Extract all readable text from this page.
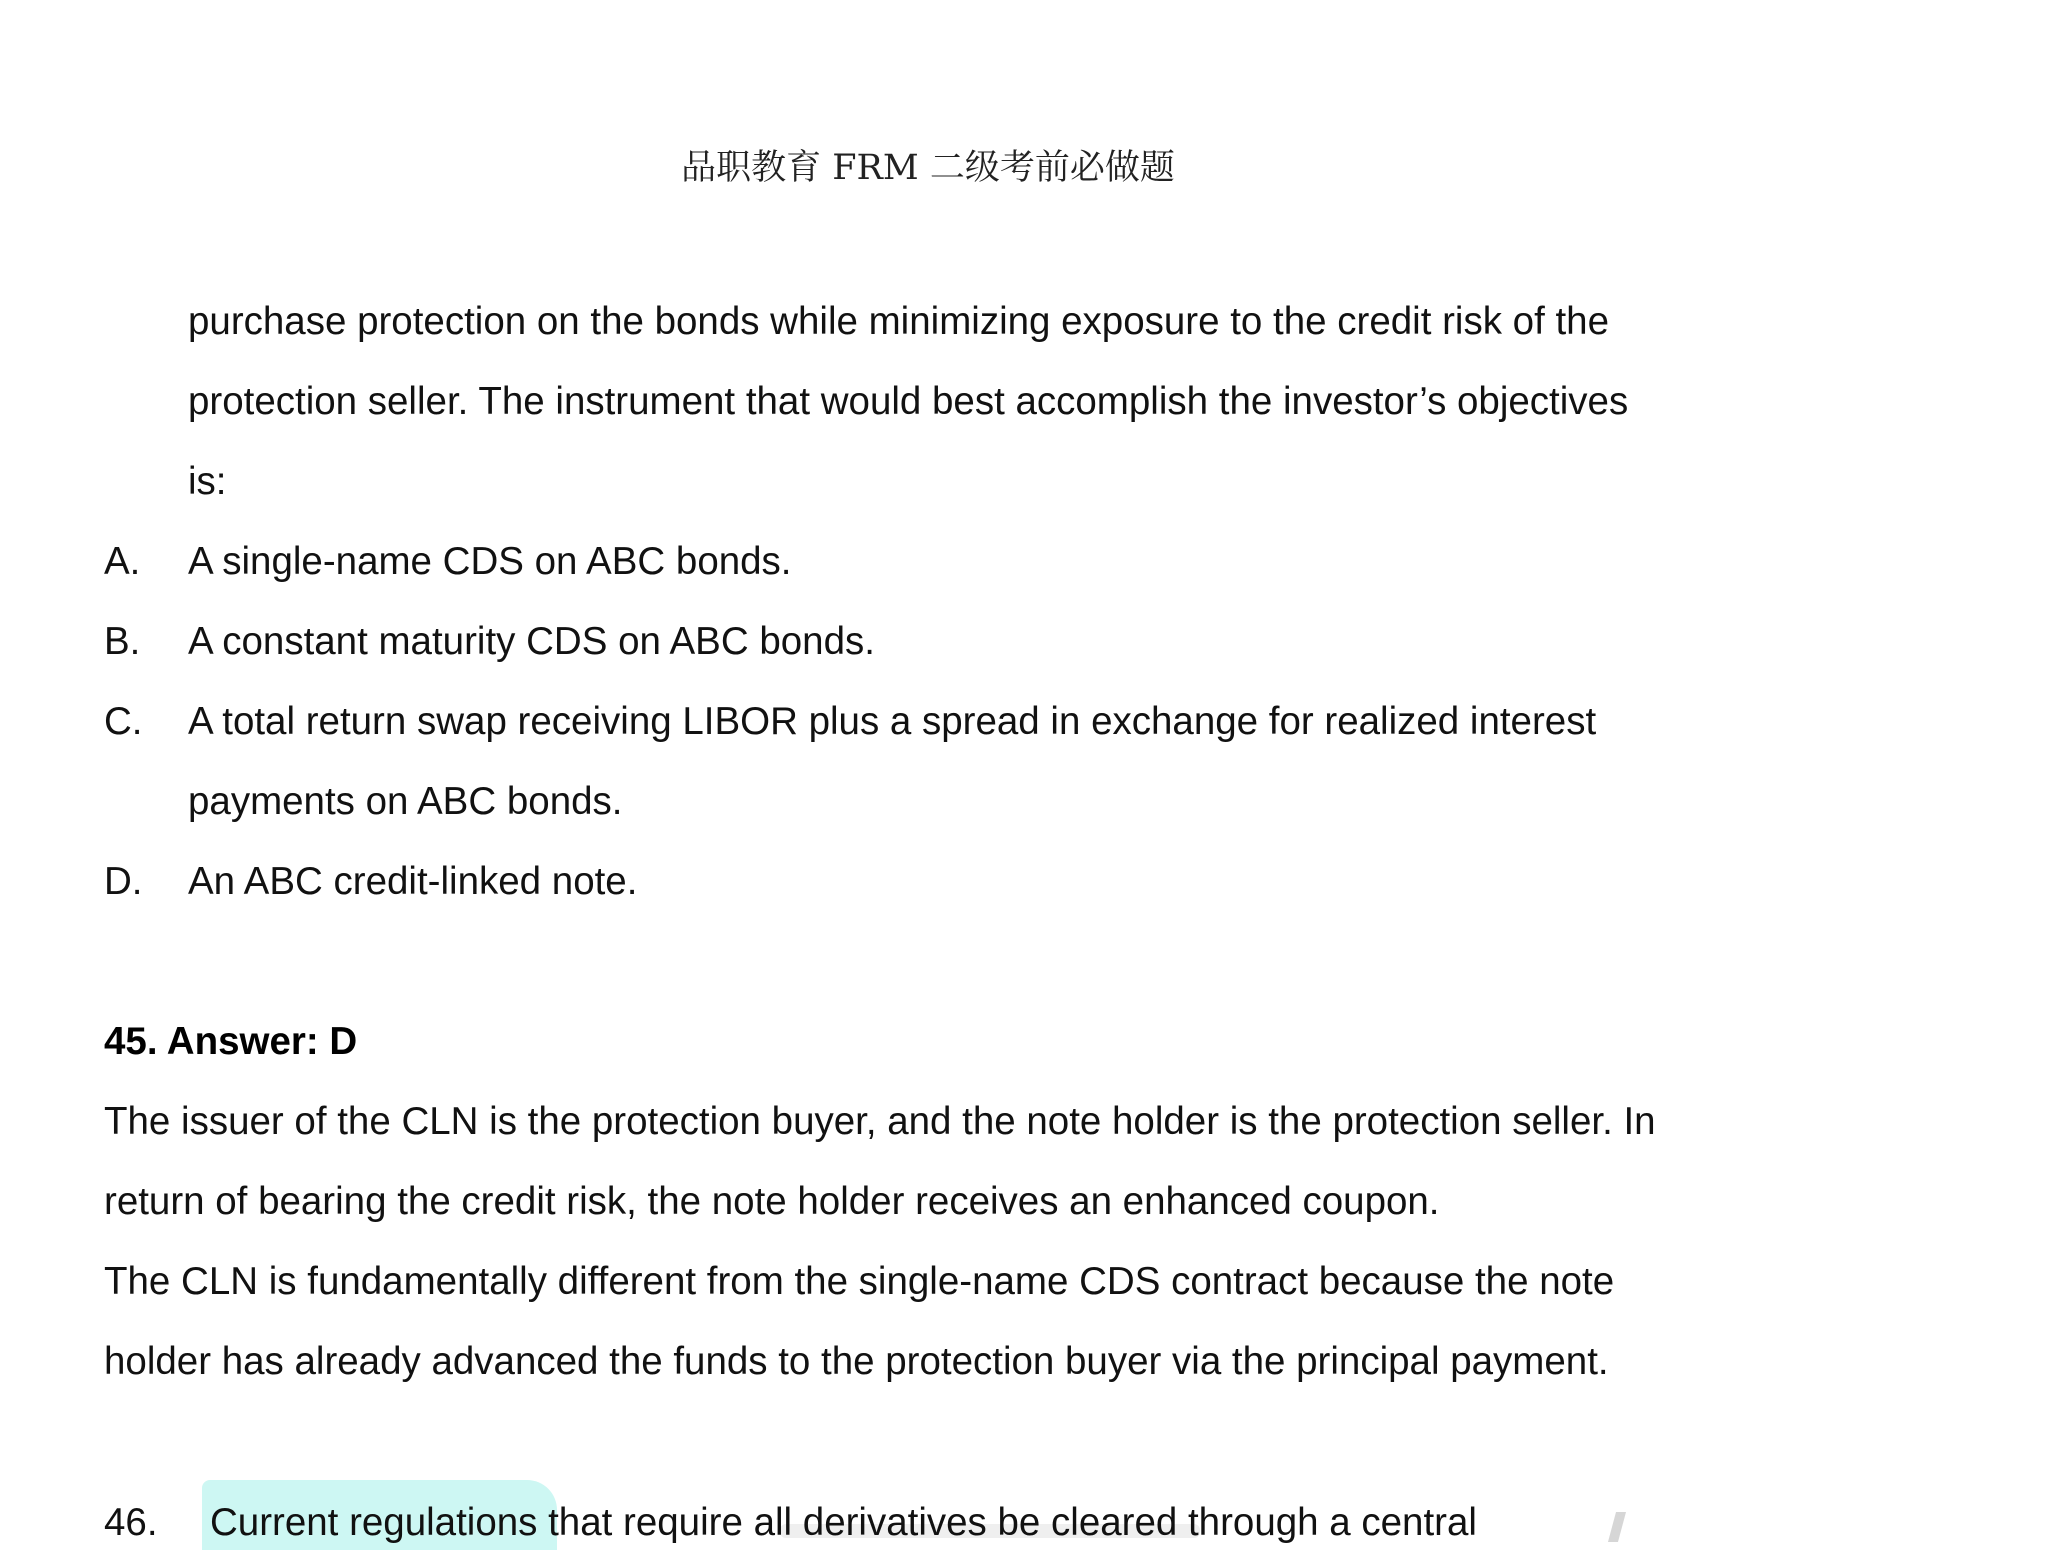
品职教育 FRM 二级考前必做题
purchase protection on the bonds while minimizing exposure to the credit risk of the
protection seller. The instrument that would best accomplish the investor’s objectives
is:
A. A single-name CDS on ABC bonds.
B. A constant maturity CDS on ABC bonds.
C. A total return swap receiving LIBOR plus a spread in exchange for realized interest
payments on ABC bonds.
D. An ABC credit-linked note.
45. Answer: D
The issuer of the CLN is the protection buyer, and the note holder is the protection seller. In
return of bearing the credit risk, the note holder receives an enhanced coupon.
The CLN is fundamentally different from the single-name CDS contract because the note
holder has already advanced the funds to the protection buyer via the principal payment.
46. Current regulations that require all derivatives be cleared through a central
